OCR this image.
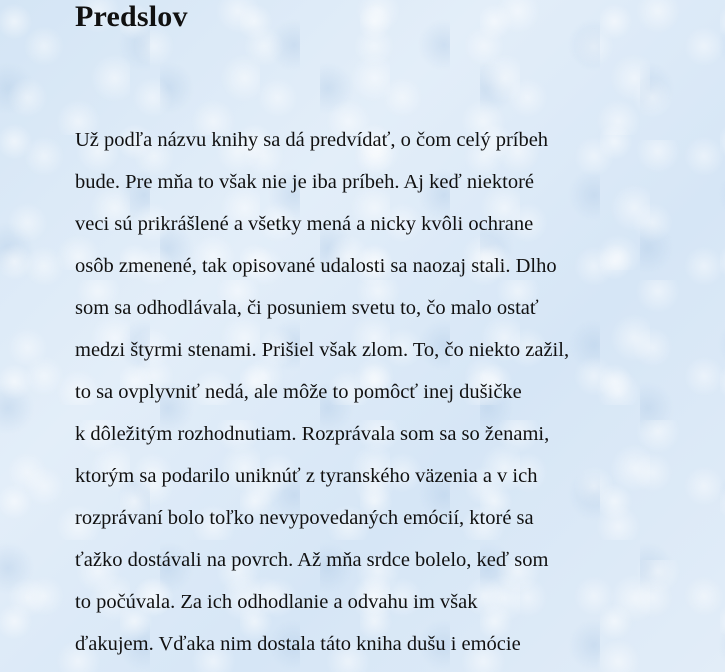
Predslov
Už podľa názvu knihy sa dá predvídať, o čom celý príbeh
bude. Pre mňa to však nie je iba príbeh. Aj keď niektoré
veci sú prikrášlené a všetky mená a nicky kvôli ochrane
osôb zmenené, tak opisované udalosti sa naozaj stali. Dlho
som sa odhodlávala, či posuniem svetu to, čo malo ostať
medzi štyrmi stenami. Prišiel však zlom. To, čo niekto zažil,
to sa ovplyvniť nedá, ale môže to pomôcť inej dušičke
k dôležitým rozhodnutiam. Rozprávala som sa so ženami,
ktorým sa podarilo uniknúť z tyranského väzenia a v ich
rozprávaní bolo toľko nevypovedaných emócií, ktoré sa
ťažko dostávali na povrch. Až mňa srdce bolelo, keď som
to počúvala. Za ich odhodlanie a odvahu im však
ďakujem. Vďaka nim dostala táto kniha dušu i emócie
